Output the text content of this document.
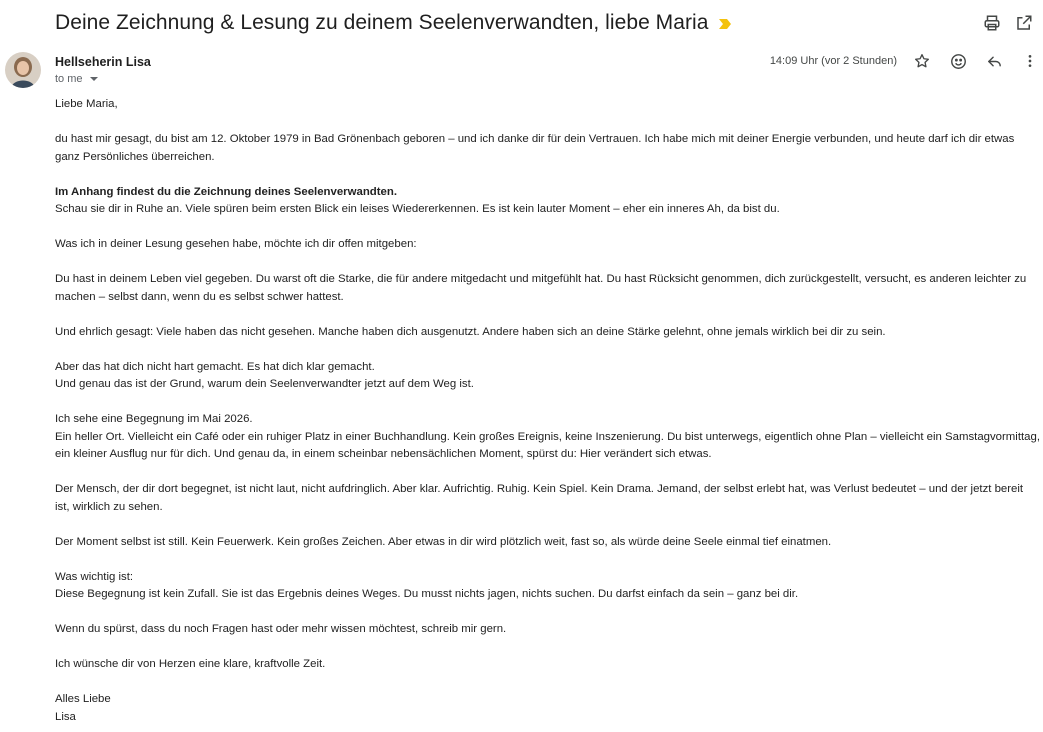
Deine Zeichnung & Lesung zu deinem Seelenverwandten, liebe Maria
Hellseherin Lisa
to me
14:09 Uhr (vor 2 Stunden)

Liebe Maria,

du hast mir gesagt, du bist am 12. Oktober 1979 in Bad Grönenbach geboren – und ich danke dir für dein Vertrauen. Ich habe mich mit deiner Energie verbunden, und heute darf ich dir etwas ganz Persönliches überreichen.

Im Anhang findest du die Zeichnung deines Seelenverwandten.
Schau sie dir in Ruhe an. Viele spüren beim ersten Blick ein leises Wiedererkennen. Es ist kein lauter Moment – eher ein inneres Ah, da bist du.

Was ich in deiner Lesung gesehen habe, möchte ich dir offen mitgeben:

Du hast in deinem Leben viel gegeben. Du warst oft die Starke, die für andere mitgedacht und mitgefühlt hat. Du hast Rücksicht genommen, dich zurückgestellt, versucht, es anderen leichter zu machen – selbst dann, wenn du es selbst schwer hattest.

Und ehrlich gesagt: Viele haben das nicht gesehen. Manche haben dich ausgenutzt. Andere haben sich an deine Stärke gelehnt, ohne jemals wirklich bei dir zu sein.

Aber das hat dich nicht hart gemacht. Es hat dich klar gemacht.
Und genau das ist der Grund, warum dein Seelenverwandter jetzt auf dem Weg ist.

Ich sehe eine Begegnung im Mai 2026.
Ein heller Ort. Vielleicht ein Café oder ein ruhiger Platz in einer Buchhandlung. Kein großes Ereignis, keine Inszenierung. Du bist unterwegs, eigentlich ohne Plan – vielleicht ein Samstagvormittag, ein kleiner Ausflug nur für dich. Und genau da, in einem scheinbar nebensächlichen Moment, spürst du: Hier verändert sich etwas.

Der Mensch, der dir dort begegnet, ist nicht laut, nicht aufdringlich. Aber klar. Aufrichtig. Ruhig. Kein Spiel. Kein Drama. Jemand, der selbst erlebt hat, was Verlust bedeutet – und der jetzt bereit ist, wirklich zu sehen.

Der Moment selbst ist still. Kein Feuerwerk. Kein großes Zeichen. Aber etwas in dir wird plötzlich weit, fast so, als würde deine Seele einmal tief einatmen.

Was wichtig ist:
Diese Begegnung ist kein Zufall. Sie ist das Ergebnis deines Weges. Du musst nichts jagen, nichts suchen. Du darfst einfach da sein – ganz bei dir.

Wenn du spürst, dass du noch Fragen hast oder mehr wissen möchtest, schreib mir gern.

Ich wünsche dir von Herzen eine klare, kraftvolle Zeit.

Alles Liebe
Lisa
